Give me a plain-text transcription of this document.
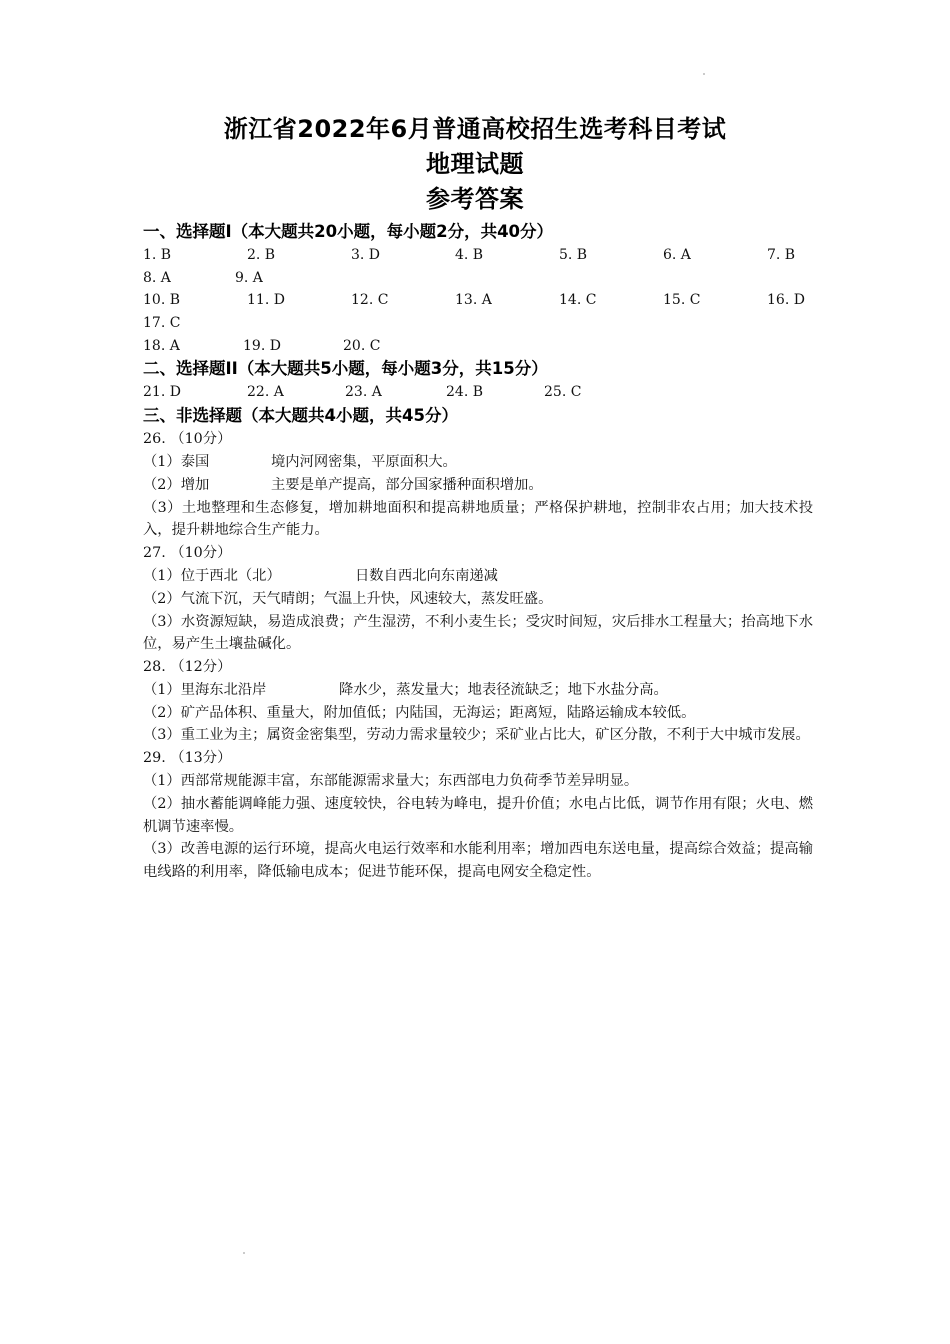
浙江省2022年6月普通高校招生选考科目考试
地理试题
参考答案
一、选择题Ⅰ（本大题共20小题，每小题2分，共40分）
1. B	2. B	3. D	4. B	5. B	6. A	7. B
8. A	9. A
10. B	11. D	12. C	13. A	14. C	15. C	16. D
17. C
18. A	19. D	20. C
二、选择题II（本大题共5小题，每小题3分，共15分）
21. D	22. A	23. A	24. B	25. C
三、非选择题（本大题共4小题，共45分）
26. （10分）
（1）泰国	境内河网密集，平原面积大。
（2）增加	主要是单产提高，部分国家播种面积增加。

（3）土地整理和生态修复，增加耕地面积和提高耕地质量；严格保护耕地，控制非农占用；加大技术投入，提升耕地综合生产能力。

27. （10分）
（1）位于西北（北）	日数自西北向东南递减
（2）气流下沉，天气晴朗；气温上升快，风速较大，蒸发旺盛。

（3）水资源短缺，易造成浪费；产生湿涝，不利小麦生长；受灾时间短，灾后排水工程量大；抬高地下水位，易产生土壤盐碱化。

28. （12分）
（1）里海东北沿岸	降水少，蒸发量大；地表径流缺乏；地下水盐分高。
（2）矿产品体积、重量大，附加值低；内陆国，无海运；距离短，陆路运输成本较低。

（3）重工业为主；属资金密集型，劳动力需求量较少；采矿业占比大，矿区分散，不利于大中城市发展。

29. （13分）
（1）西部常规能源丰富，东部能源需求量大；东西部电力负荷季节差异明显。

（2）抽水蓄能调峰能力强、速度较快，谷电转为峰电，提升价值；水电占比低，调节作用有限；火电、燃机调节速率慢。

（3）改善电源的运行环境，提高火电运行效率和水能利用率；增加西电东送电量，提高综合效益；提高输电线路的利用率，降低输电成本；促进节能环保，提高电网安全稳定性。
